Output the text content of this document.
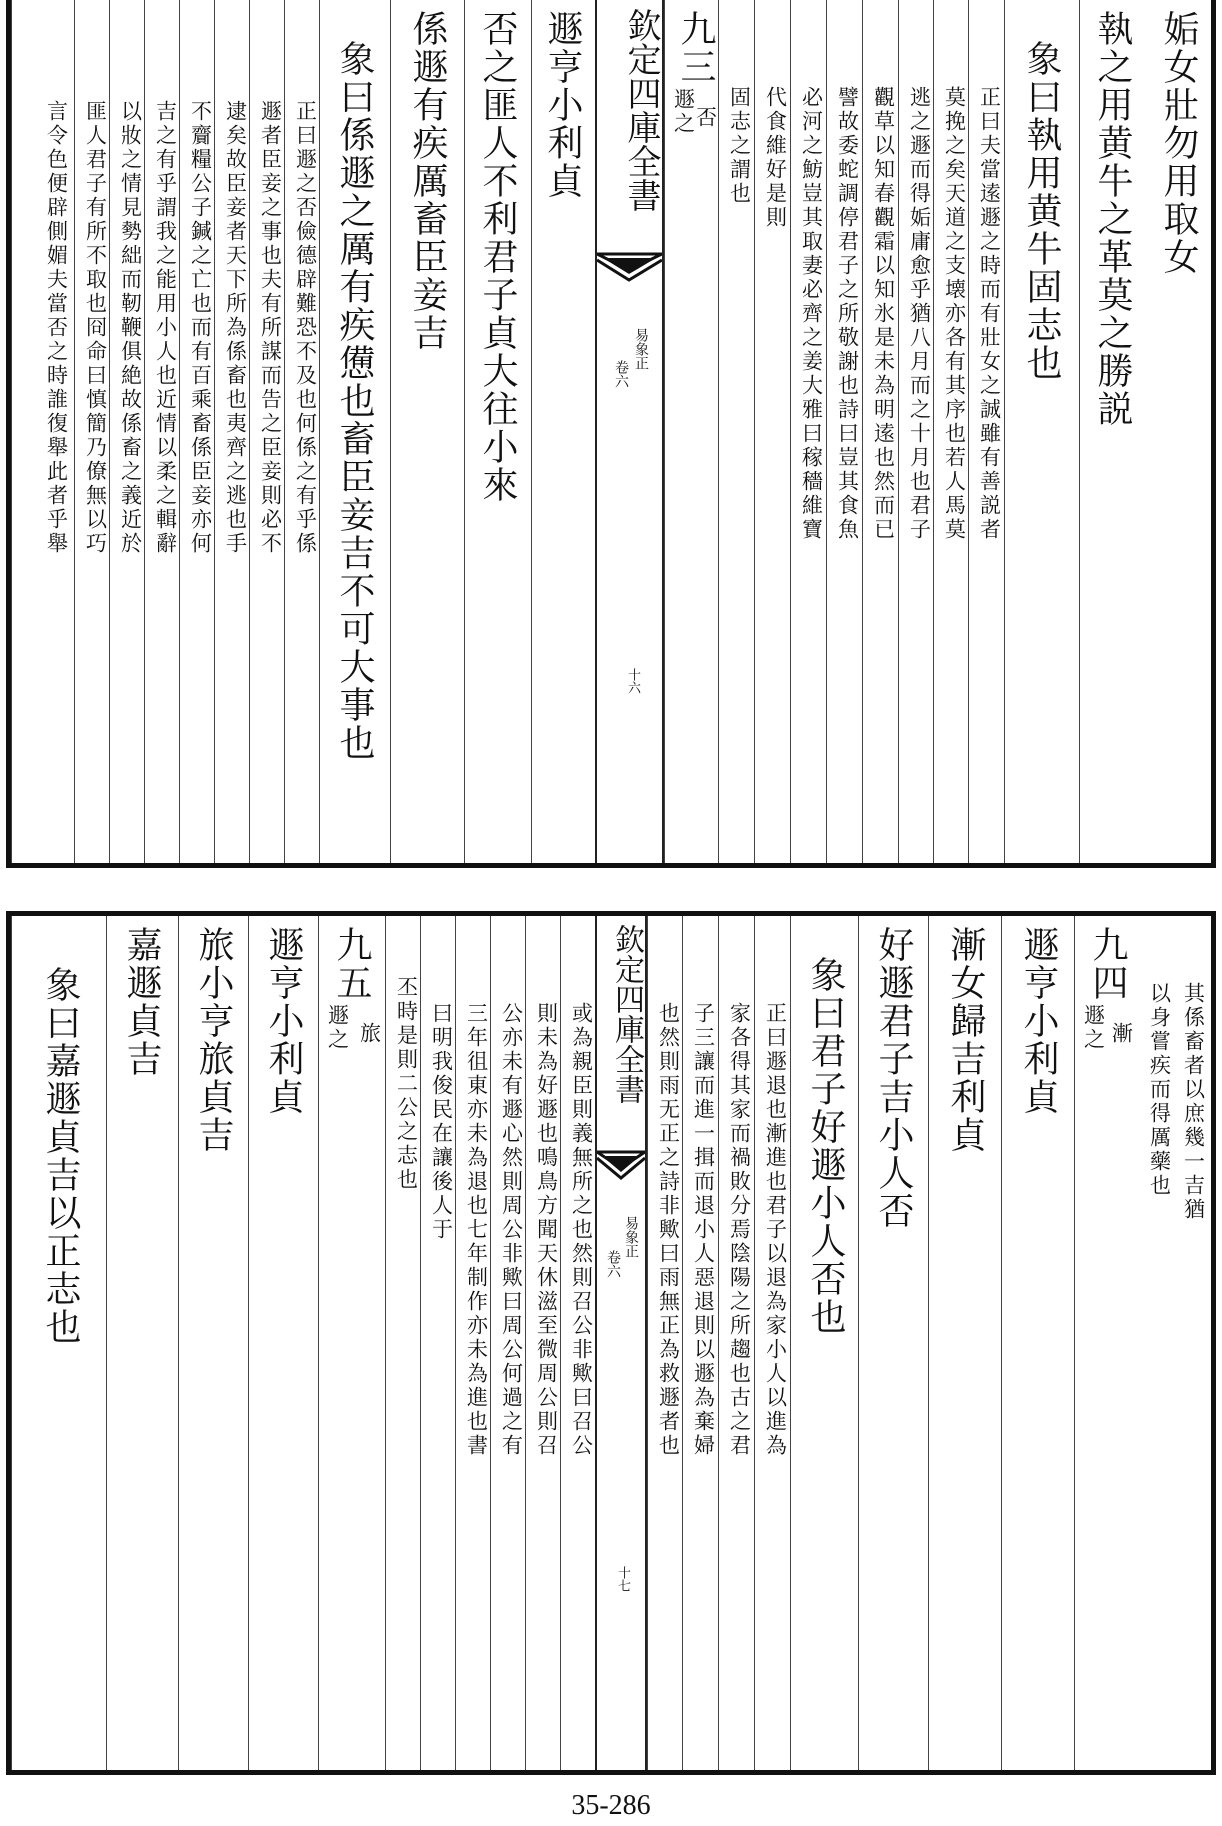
姤女壯勿用取女
執之用黄牛之革莫之勝説
象曰執用黄牛固志也
正曰夫當逺遯之時而有壯女之誠雖有善説者
莫挽之矣天道之支壊亦各有其序也若人馬莫
逃之遯而得姤庸愈乎猶八月而之十月也君子
觀草以知春觀霜以知氷是未為明逺也然而已
譬故委蛇調停君子之所敬謝也詩曰豈其食魚
必河之魴豈其取妻必齊之姜大雅曰稼穡維寶
代食維好是則
固志之謂也
九三
遯之
否
欽定四庫全書
易象正
卷六
十六
遯亨小利貞
否之匪人不利君子貞大往小來
係遯有疾厲畜臣妾吉
象曰係遯之厲有疾憊也畜臣妾吉不可大事也
正曰遯之否儉德辟難恐不及也何係之有乎係
遯者臣妾之事也夫有所謀而告之臣妾則必不
逮矣故臣妾者天下所為係畜也夷齊之逃也手
不齎糧公子鍼之亡也而有百乘畜係臣妾亦何
吉之有乎謂我之能用小人也近情以柔之輯辭
以妝之情見勢絀而靭鞭俱絶故係畜之義近於
匪人君子有所不取也冏命曰慎簡乃僚無以巧
言令色便辟側媚夫當否之時誰復舉此者乎舉
其係畜者以庶幾一吉猶
以身嘗疾而得厲藥也
九四
遯之 漸
遯亨小利貞
漸女歸吉利貞
好遯君子吉小人否
象曰君子好遯小人否也
正曰遯退也漸進也君子以退為家小人以進為
家各得其家而禍敗分焉陰陽之所趨也古之君
子三讓而進一揖而退小人惡退則以遯為棄婦
也然則雨无正之詩非歟曰雨無正為救遯者也
欽定四庫全書
易象正
卷六
十七
或為親臣則義無所之也然則召公非歟曰召公
則未為好遯也鳴鳥方聞天休滋至微周公則召
公亦未有遯心然則周公非歟曰周公何過之有
三年徂東亦未為退也七年制作亦未為進也書
曰明我俊民在讓後人于
丕時是則二公之志也
九五
遯之 旅
遯亨小利貞
旅小亨旅貞吉
嘉遯貞吉
象曰嘉遯貞吉以正志也
35-286
